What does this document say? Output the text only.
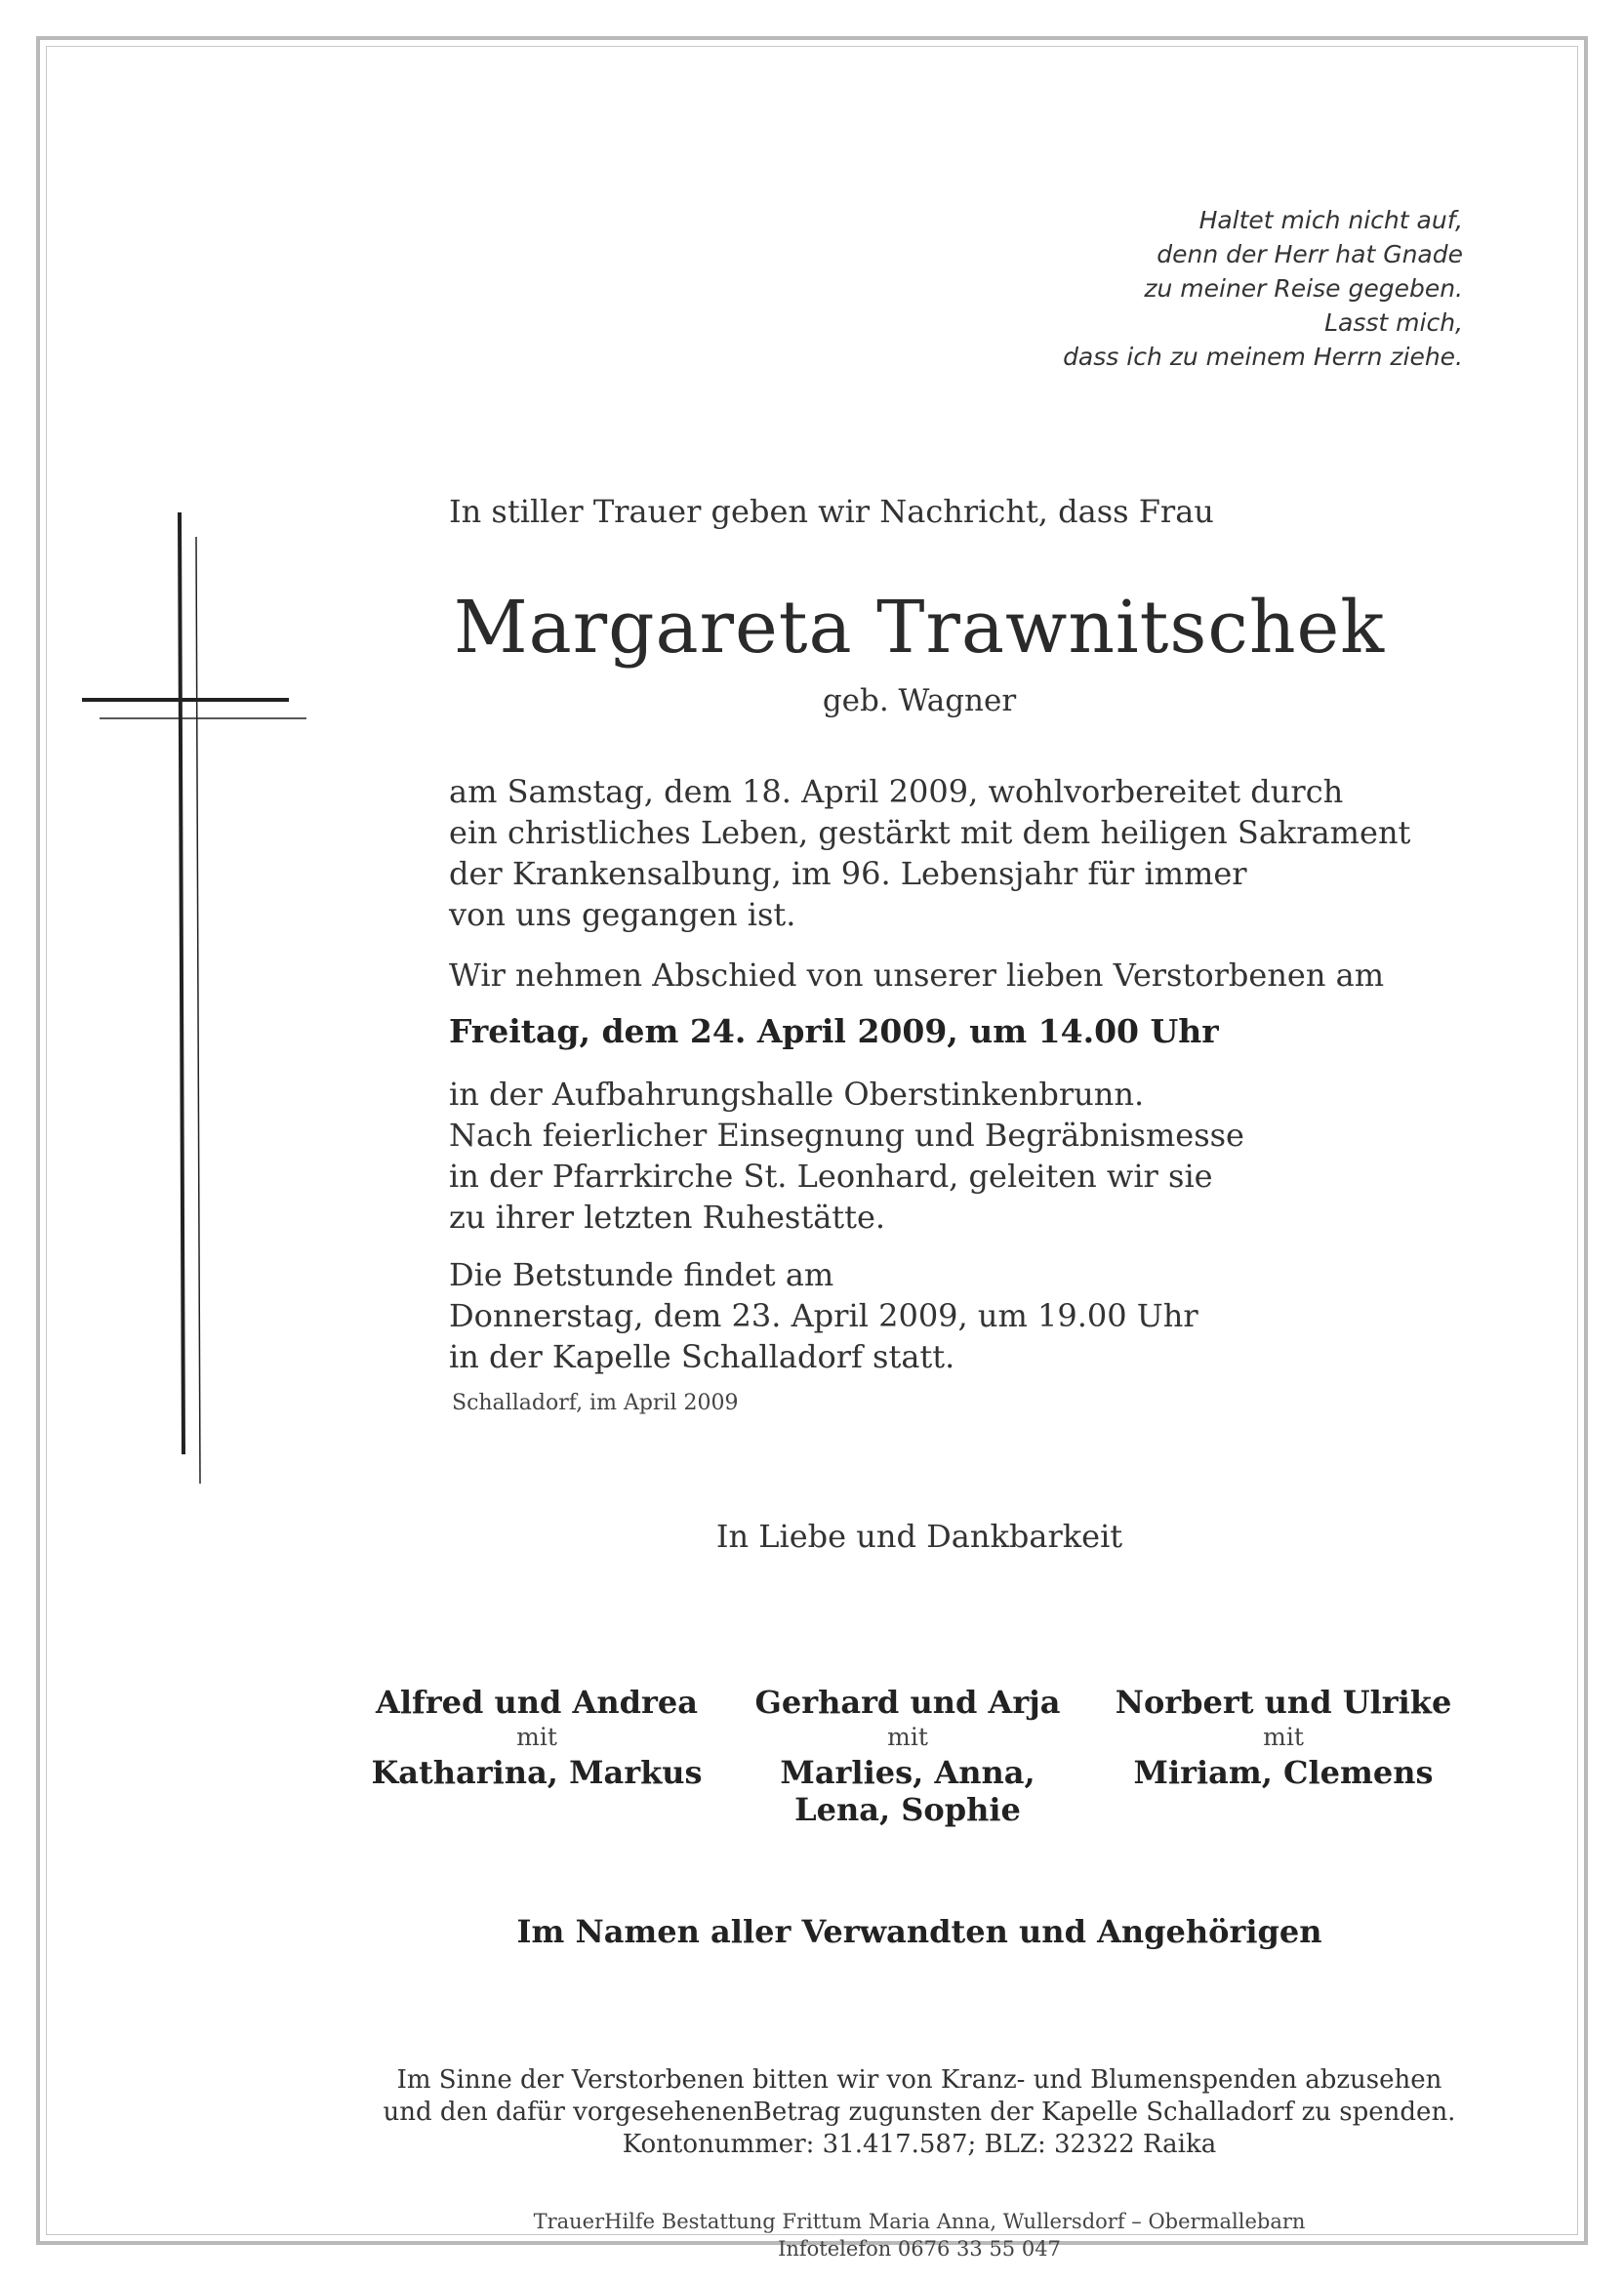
Haltet mich nicht auf,
denn der Herr hat Gnade
zu meiner Reise gegeben.
Lasst mich,
dass ich zu meinem Herrn ziehe.

In stiller Trauer geben wir Nachricht, dass Frau

Margareta Trawnitschek

geb. Wagner

am Samstag, dem 18. April 2009, wohlvorbereitet durch
ein christliches Leben, gestärkt mit dem heiligen Sakrament
der Krankensalbung, im 96. Lebensjahr für immer
von uns gegangen ist.
Wir nehmen Abschied von unserer lieben Verstorbenen am

Freitag, dem 24. April 2009, um 14.00 Uhr

in der Aufbahrungshalle Oberstinkenbrunn.
Nach feierlicher Einsegnung und Begräbnismesse
in der Pfarrkirche St. Leonhard, geleiten wir sie
zu ihrer letzten Ruhestätte.
Die Betstunde findet am
Donnerstag, dem 23. April 2009, um 19.00 Uhr
in der Kapelle Schalladorf statt.

Schalladorf, im April 2009

In Liebe und Dankbarkeit

Alfred und Andrea
mit
Katharina, Markus
Gerhard und Arja
mit
Marlies, Anna,
Lena, Sophie
Norbert und Ulrike
mit
Miriam, Clemens

Im Namen aller Verwandten und Angehörigen

Im Sinne der Verstorbenen bitten wir von Kranz- und Blumenspenden abzusehen
und den dafür vorgesehenenBetrag zugunsten der Kapelle Schalladorf zu spenden.
Kontonummer: 31.417.587; BLZ: 32322 Raika
TrauerHilfe Bestattung Frittum Maria Anna, Wullersdorf – Obermallebarn
Infotelefon 0676 33 55 047
